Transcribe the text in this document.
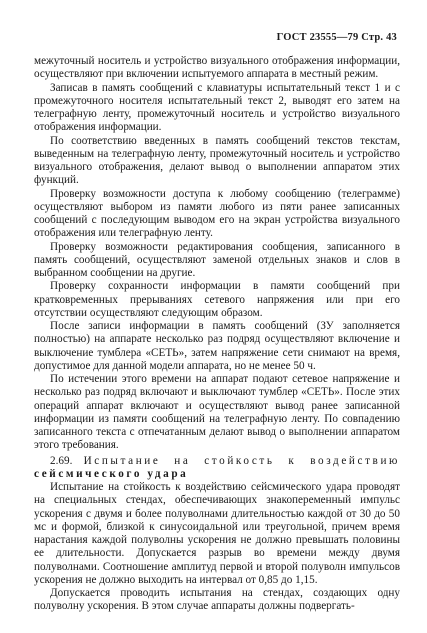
ГОСТ 23555—79 Стр. 43

межуточный носитель и устройство визуального отображения информации, осуществляют при включении испытуемого аппарата в местный режим.

Записав в память сообщений с клавиатуры испытательный текст 1 и с промежуточного носителя испытательный текст 2, выводят его затем на телеграфную ленту, промежуточный носитель и устройство визуального отображения информации.

По соответствию введенных в память сообщений текстов текстам, выведенным на телеграфную ленту, промежуточный носитель и устройство визуального отображения, делают вывод о выполнении аппаратом этих функций.

Проверку возможности доступа к любому сообщению (телеграмме) осуществляют выбором из памяти любого из пяти ранее записанных сообщений с последующим выводом его на экран устройства визуального отображения или телеграфную ленту.

Проверку возможности редактирования сообщения, записанного в память сообщений, осуществляют заменой отдельных знаков и слов в выбранном сообщении на другие.

Проверку сохранности информации в памяти сообщений при кратковременных прерываниях сетевого напряжения или при его отсутствии осуществляют следующим образом.

После записи информации в память сообщений (ЗУ заполняется полностью) на аппарате несколько раз подряд осуществляют включение и выключение тумблера «СЕТЬ», затем напряжение сети снимают на время, допустимое для данной модели аппарата, но не менее 50 ч.

По истечении этого времени на аппарат подают сетевое напряжение и несколько раз подряд включают и выключают тумблер «СЕТЬ». После этих операций аппарат включают и осуществляют вывод ранее записанной информации из памяти сообщений на телеграфную ленту. По совпадению записанного текста с отпечатанным делают вывод о выполнении аппаратом этого требования.

2.69. Испытание на стойкость к воздействию сейсмического удара

Испытание на стойкость к воздействию сейсмического удара проводят на специальных стендах, обеспечивающих знакопеременный импульс ускорения с двумя и более полуволнами длительностью каждой от 30 до 50 мс и формой, близкой к синусоидальной или треугольной, причем время нарастания каждой полуволны ускорения не должно превышать половины ее длительности. Допускается разрыв во времени между двумя полуволнами. Соотношение амплитуд первой и второй полуволн импульсов ускорения не должно выходить на интервал от 0,85 до 1,15.

Допускается проводить испытания на стендах, создающих одну полуволну ускорения. В этом случае аппараты должны подвергать-
